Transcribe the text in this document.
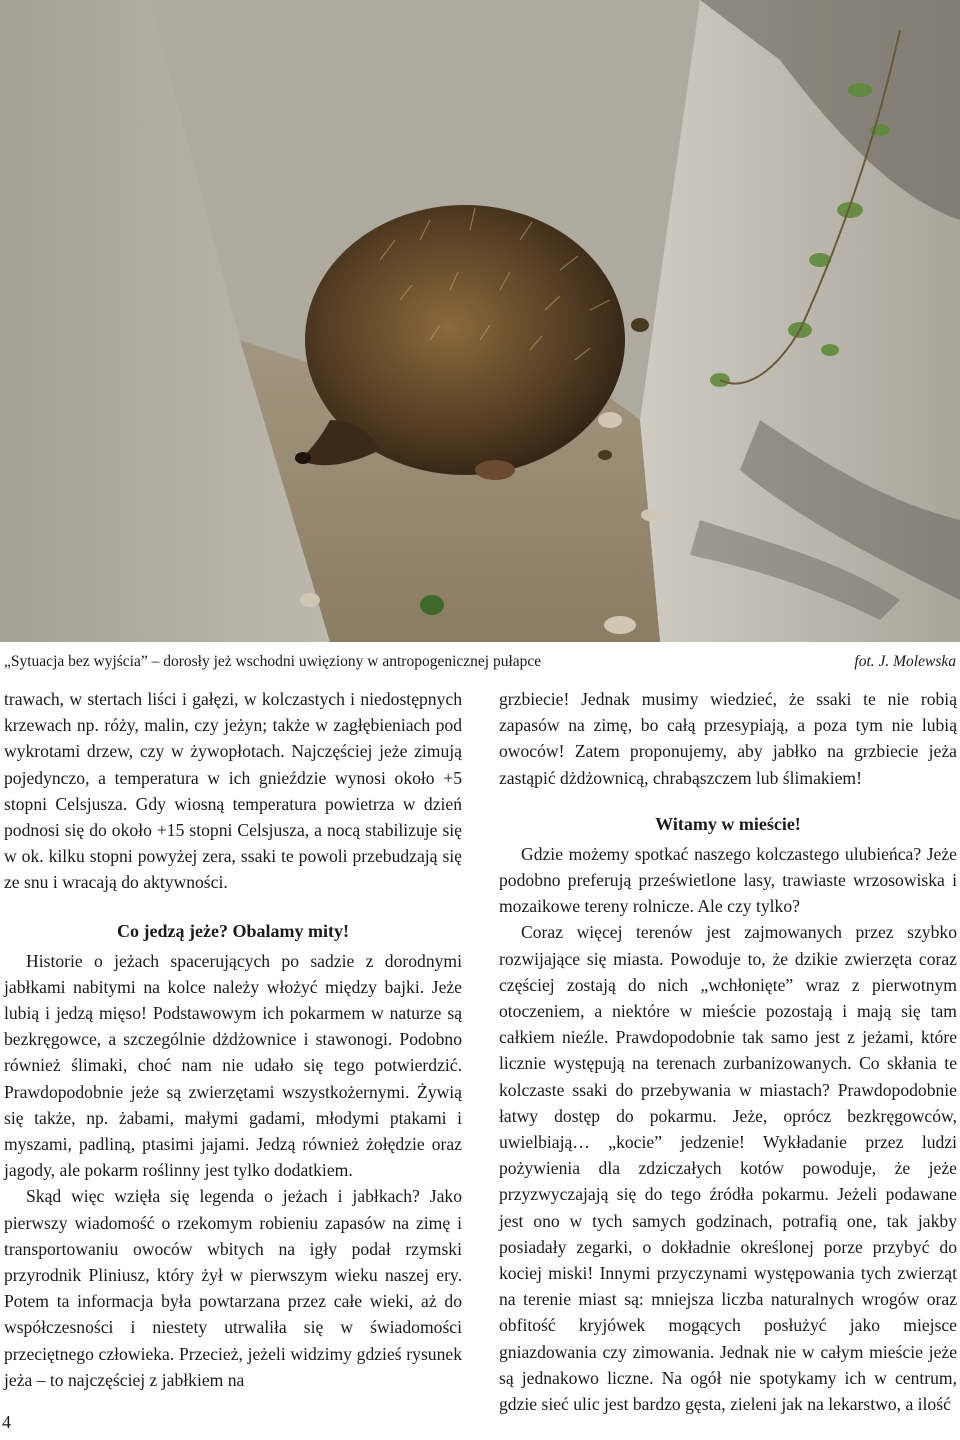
„Sytuacja bez wyjścia” – dorosły jeż wschodni uwięziony w antropogenicznej pułapce	fot. J. Molewska

trawach, w stertach liści i gałęzi, w kolczastych i niedostępnych krzewach np. róży, malin, czy jeżyn; także w zagłębieniach pod wykrotami drzew, czy w żywopłotach. Najczęściej jeże zimują pojedynczo, a temperatura w ich gnieździe wynosi około +5 stopni Celsjusza. Gdy wiosną temperatura powietrza w dzień podnosi się do około +15 stopni Celsjusza, a nocą stabilizuje się w ok. kilku stopni powyżej zera, ssaki te powoli przebudzają się ze snu i wracają do aktywności.

Co jedzą jeże? Obalamy mity!

Historie o jeżach spacerujących po sadzie z dorodnymi jabłkami nabitymi na kolce należy włożyć między bajki. Jeże lubią i jedzą mięso! Podstawowym ich pokarmem w naturze są bezkręgowce, a szczególnie dżdżownice i stawonogi. Podobno również ślimaki, choć nam nie udało się tego potwierdzić. Prawdopodobnie jeże są zwierzętami wszystkożernymi. Żywią się także, np. żabami, małymi gadami, młodymi ptakami i myszami, padliną, ptasimi jajami. Jedzą również żołędzie oraz jagody, ale pokarm roślinny jest tylko dodatkiem.

Skąd więc wzięła się legenda o jeżach i jabłkach? Jako pierwszy wiadomość o rzekomym robieniu zapasów na zimę i transportowaniu owoców wbitych na igły podał rzymski przyrodnik Pliniusz, który żył w pierwszym wieku naszej ery. Potem ta informacja była powtarzana przez całe wieki, aż do współczesności i niestety utrwaliła się w świadomości przeciętnego człowieka. Przecież, jeżeli widzimy gdzieś rysunek jeża – to najczęściej z jabłkiem na

grzbiecie! Jednak musimy wiedzieć, że ssaki te nie robią zapasów na zimę, bo całą przesypiają, a poza tym nie lubią owoców! Zatem proponujemy, aby jabłko na grzbiecie jeża zastąpić dżdżownicą, chrabąszczem lub ślimakiem!

Witamy w mieście!

Gdzie możemy spotkać naszego kolczastego ulubieńca? Jeże podobno preferują prześwietlone lasy, trawiaste wrzosowiska i mozaikowe tereny rolnicze. Ale czy tylko?

Coraz więcej terenów jest zajmowanych przez szybko rozwijające się miasta. Powoduje to, że dzikie zwierzęta coraz częściej zostają do nich „wchłonięte” wraz z pierwotnym otoczeniem, a niektóre w mieście pozostają i mają się tam całkiem nieźle. Prawdopodobnie tak samo jest z jeżami, które licznie występują na terenach zurbanizowanych. Co skłania te kolczaste ssaki do przebywania w miastach? Prawdopodobnie łatwy dostęp do pokarmu. Jeże, oprócz bezkręgowców, uwielbiają… „kocie” jedzenie! Wykładanie przez ludzi pożywienia dla zdziczałych kotów powoduje, że jeże przyzwyczajają się do tego źródła pokarmu. Jeżeli podawane jest ono w tych samych godzinach, potrafią one, tak jakby posiadały zegarki, o dokładnie określonej porze przybyć do kociej miski! Innymi przyczynami występowania tych zwierząt na terenie miast są: mniejsza liczba naturalnych wrogów oraz obfitość kryjówek mogących posłużyć jako miejsce gniazdowania czy zimowania. Jednak nie w całym mieście jeże są jednakowo liczne. Na ogół nie spotykamy ich w centrum, gdzie sieć ulic jest bardzo gęsta, zieleni jak na lekarstwo, a ilość

4
